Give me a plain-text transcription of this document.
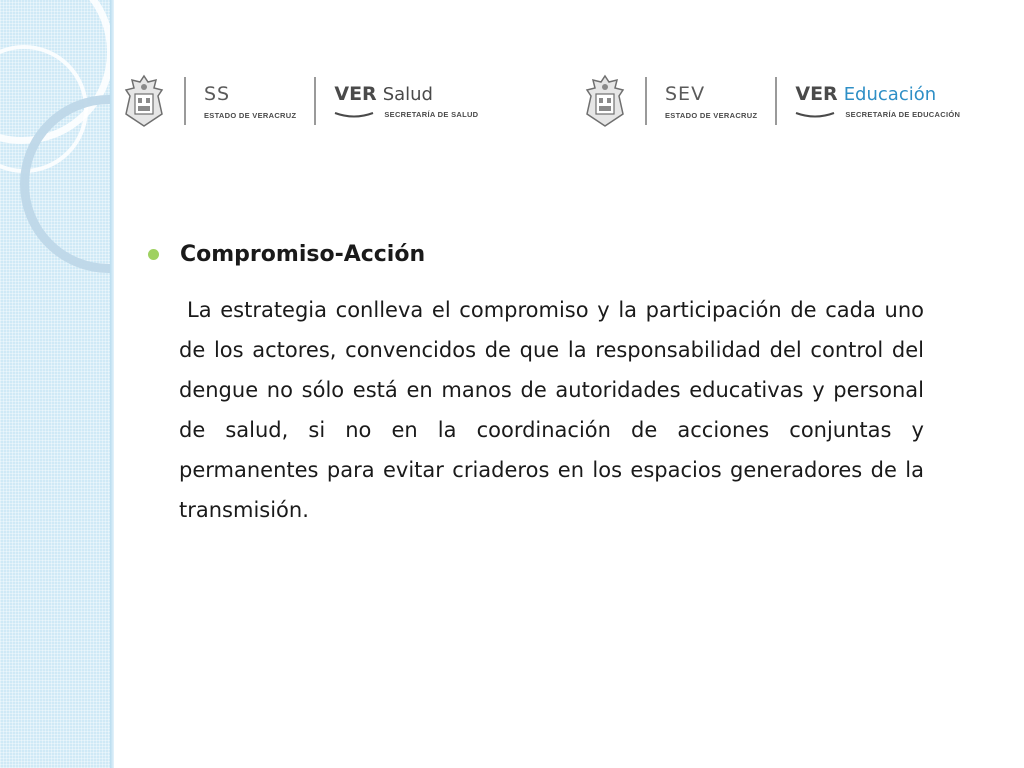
SS
ESTADO DE VERACRUZ
VER Salud
SECRETARÍA DE SALUD
SEV
ESTADO DE VERACRUZ
VER Educación
SECRETARÍA DE EDUCACIÓN
Compromiso-Acción

La estrategia conlleva el compromiso y la participación de cada uno de los actores, convencidos de que la responsabilidad del control del dengue no sólo está en manos de autoridades educativas y personal de salud, si no en la coordinación de acciones conjuntas y permanentes para evitar criaderos en los espacios generadores de la transmisión.
